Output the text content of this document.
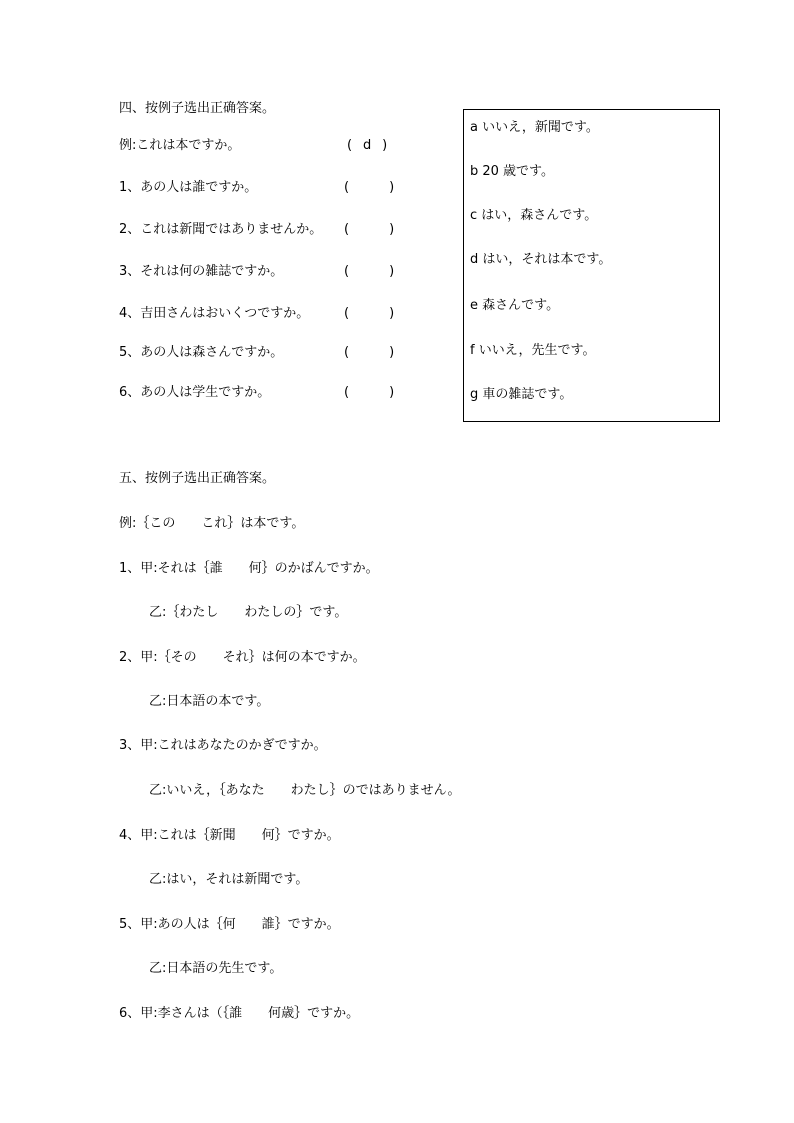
四、按例子选出正确答案。
例:これは本ですか。	( d )
1、あの人は誰ですか。	(	)
2、これは新聞ではありませんか。 (	)
3、それは何の雑誌ですか。	(	)
4、吉田さんはおいくつですか。	(	)
5、あの人は森さんですか。	(	)
6、あの人は学生ですか。	(	)
a いいえ，新聞です。
b 20 歳です。
c はい，森さんです。
d はい，それは本です。
e 森さんです。
f いいえ，先生です。
g 車の雑誌です。
五、按例子选出正确答案。
例:｛この これ｝は本です。
1、甲:それは｛誰 何｝のかばんですか。
乙:｛わたし わたしの｝です。
2、甲:｛その それ｝は何の本ですか。
乙:日本語の本です。
3、甲:これはあなたのかぎですか。
乙:いいえ，｛あなた わたし｝のではありません。
4、甲:これは｛新聞 何｝ですか。
乙:はい，それは新聞です。
5、甲:あの人は｛何 誰｝ですか。
乙:日本語の先生です。
6、甲:李さんは（｛誰 何歳｝ですか。
